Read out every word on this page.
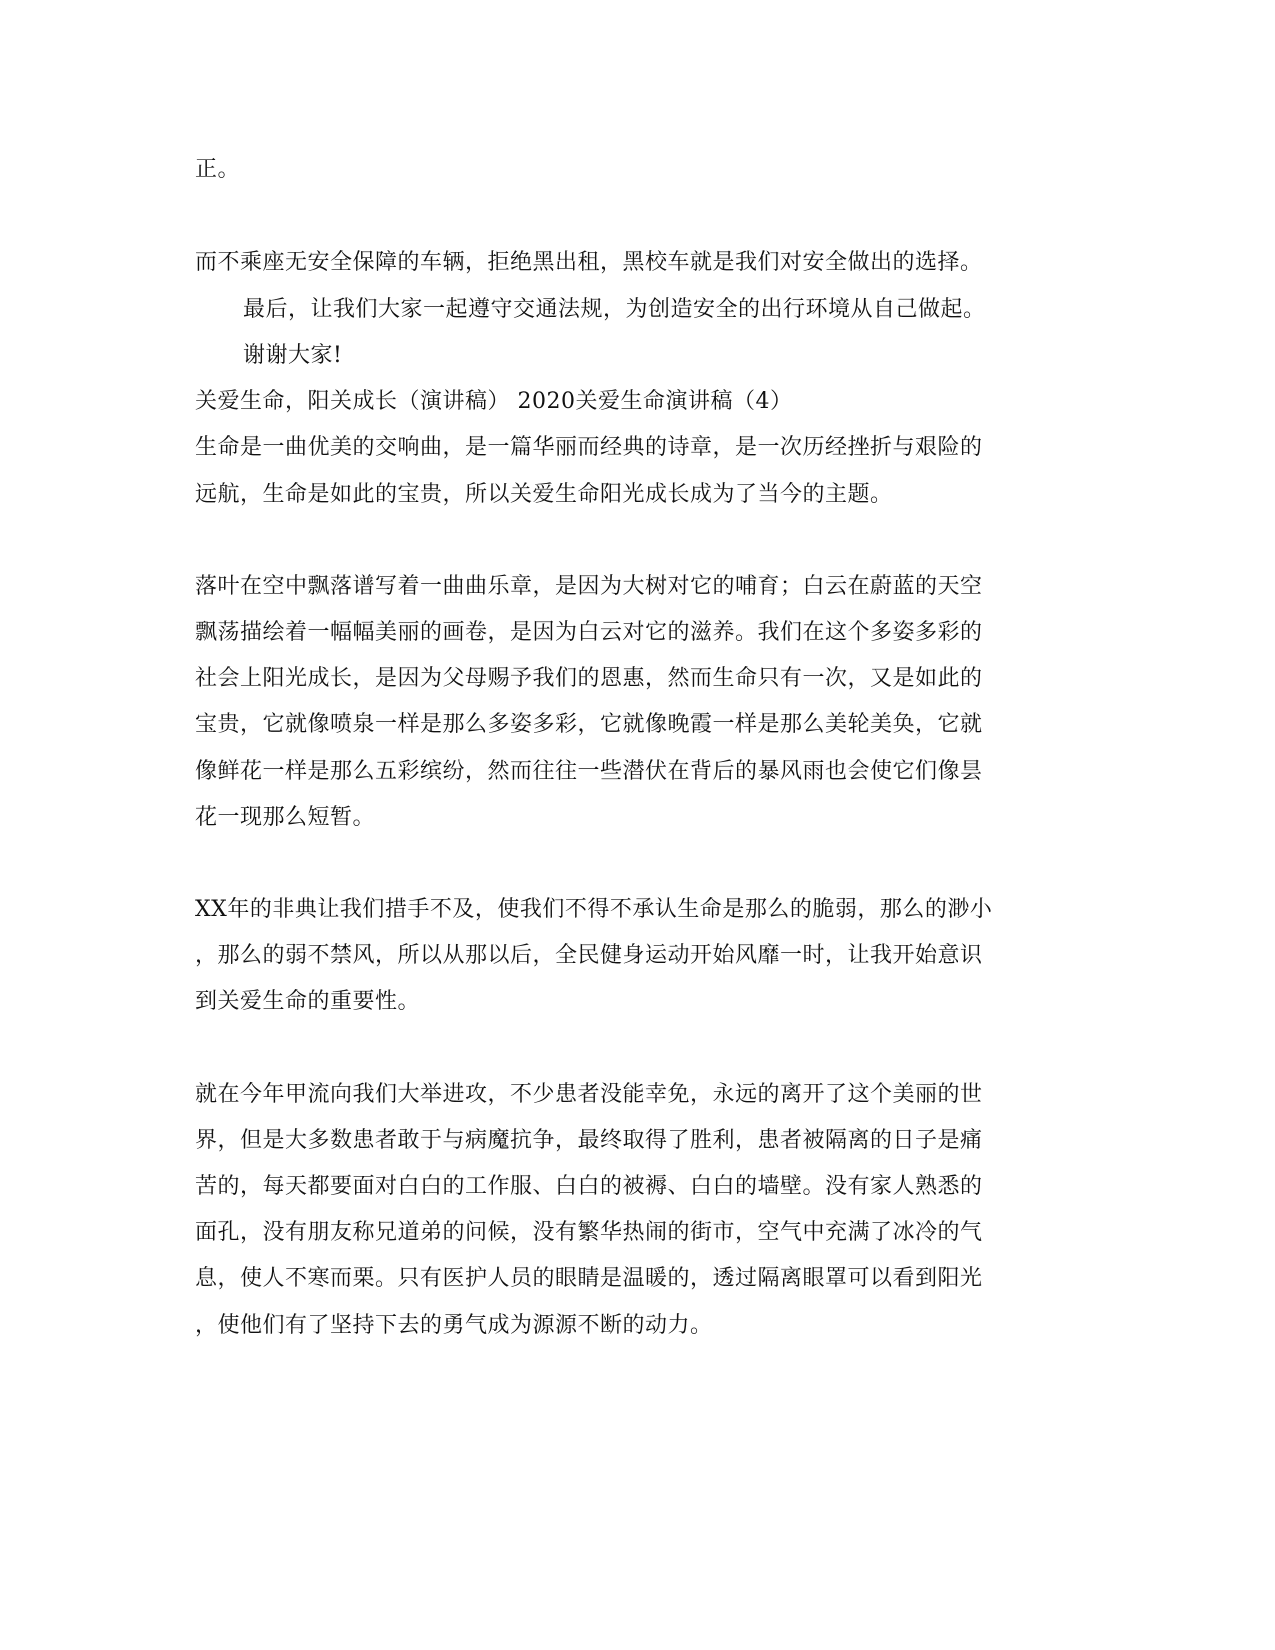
正。
而不乘座无安全保障的车辆，拒绝黑出租，黑校车就是我们对安全做出的选择。
最后，让我们大家一起遵守交通法规，为创造安全的出行环境从自己做起。
谢谢大家!
关爱生命，阳关成长（演讲稿） 2020关爱生命演讲稿（4）
生命是一曲优美的交响曲，是一篇华丽而经典的诗章，是一次历经挫折与艰险的
远航，生命是如此的宝贵，所以关爱生命阳光成长成为了当今的主题。
落叶在空中飘落谱写着一曲曲乐章，是因为大树对它的哺育；白云在蔚蓝的天空
飘荡描绘着一幅幅美丽的画卷，是因为白云对它的滋养。我们在这个多姿多彩的
社会上阳光成长，是因为父母赐予我们的恩惠，然而生命只有一次，又是如此的
宝贵，它就像喷泉一样是那么多姿多彩，它就像晚霞一样是那么美轮美奂，它就
像鲜花一样是那么五彩缤纷，然而往往一些潜伏在背后的暴风雨也会使它们像昙
花一现那么短暂。
XX年的非典让我们措手不及，使我们不得不承认生命是那么的脆弱，那么的渺小
，那么的弱不禁风，所以从那以后，全民健身运动开始风靡一时，让我开始意识
到关爱生命的重要性。
就在今年甲流向我们大举进攻，不少患者没能幸免，永远的离开了这个美丽的世
界，但是大多数患者敢于与病魔抗争，最终取得了胜利，患者被隔离的日子是痛
苦的，每天都要面对白白的工作服、白白的被褥、白白的墙壁。没有家人熟悉的
面孔，没有朋友称兄道弟的问候，没有繁华热闹的街市，空气中充满了冰冷的气
息，使人不寒而栗。只有医护人员的眼睛是温暖的，透过隔离眼罩可以看到阳光
，使他们有了坚持下去的勇气成为源源不断的动力。
